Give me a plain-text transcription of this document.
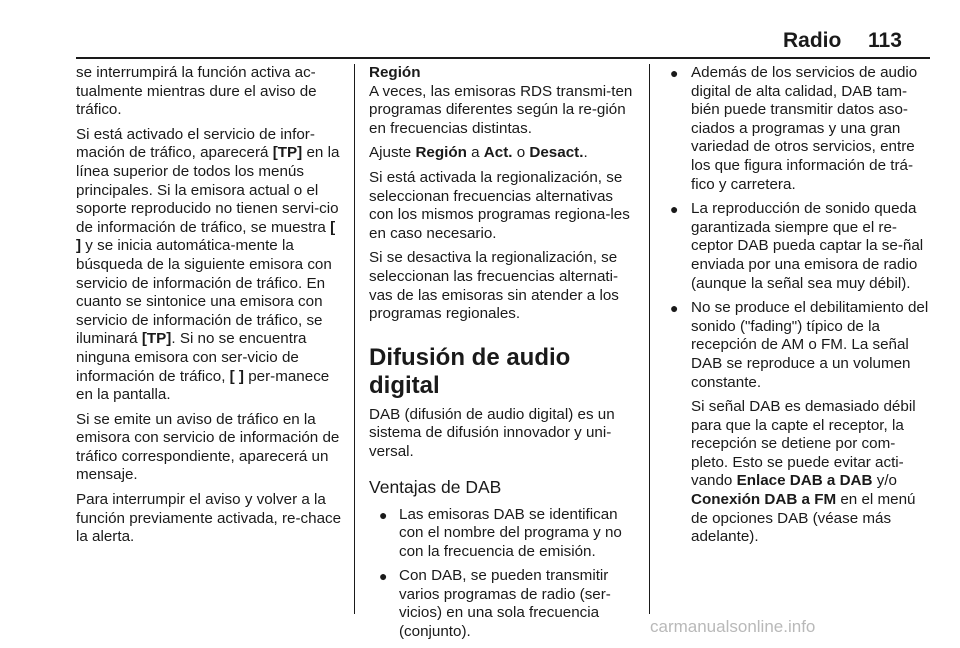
Radio 113

se interrumpirá la función activa ac-tualmente mientras dure el aviso de tráfico.

Si está activado el servicio de infor-mación de tráfico, aparecerá [TP] en la línea superior de todos los menús principales. Si la emisora actual o el soporte reproducido no tienen servi-cio de información de tráfico, se muestra [ ] y se inicia automática-mente la búsqueda de la siguiente emisora con servicio de información de tráfico. En cuanto se sintonice una emisora con servicio de información de tráfico, se iluminará [TP]. Si no se encuentra ninguna emisora con ser-vicio de información de tráfico, [ ] per-manece en la pantalla.

Si se emite un aviso de tráfico en la emisora con servicio de información de tráfico correspondiente, aparecerá un mensaje.

Para interrumpir el aviso y volver a la función previamente activada, re-chace la alerta.

Región

A veces, las emisoras RDS transmi-ten programas diferentes según la re-gión en frecuencias distintas.

Ajuste Región a Act. o Desact..

Si está activada la regionalización, se seleccionan frecuencias alternativas con los mismos programas regiona-les en caso necesario.

Si se desactiva la regionalización, se seleccionan las frecuencias alternati-vas de las emisoras sin atender a los programas regionales.

Difusión de audio digital

DAB (difusión de audio digital) es un sistema de difusión innovador y uni-versal.

Ventajas de DAB
● Las emisoras DAB se identifican con el nombre del programa y no con la frecuencia de emisión.
● Con DAB, se pueden transmitir varios programas de radio (ser-vicios) en una sola frecuencia (conjunto).
● Además de los servicios de audio digital de alta calidad, DAB tam-bién puede transmitir datos aso-ciados a programas y una gran variedad de otros servicios, entre los que figura información de trá-fico y carretera.
● La reproducción de sonido queda garantizada siempre que el re-ceptor DAB pueda captar la se-ñal enviada por una emisora de radio (aunque la señal sea muy débil).
● No se produce el debilitamiento del sonido ("fading") típico de la recepción de AM o FM. La señal DAB se reproduce a un volumen constante.
Si señal DAB es demasiado débil para que la capte el receptor, la recepción se detiene por com-pleto. Esto se puede evitar acti-vando Enlace DAB a DAB y/o Conexión DAB a FM en el menú de opciones DAB (véase más adelante).
carmanualsonline.info
